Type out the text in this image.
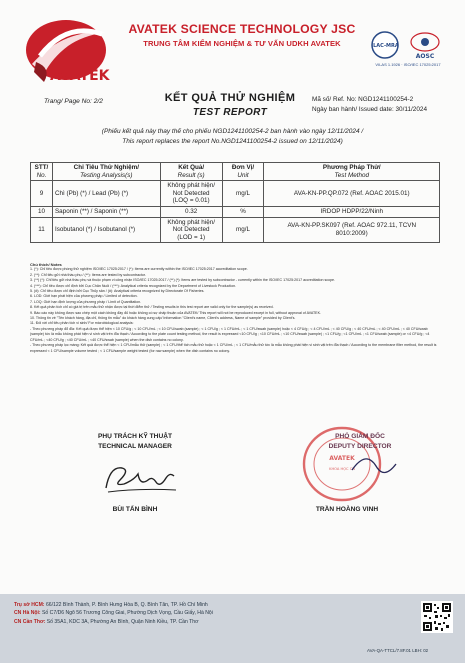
AVATEK
AVATEK SCIENCE TECHNOLOGY JSC
TRUNG TÂM KIỂM NGHIỆM & TƯ VẤN UDKH AVATEK	ILAC-MRA
AOSC
VILAS 1.1926 · ISO/IEC 17025:2017
Trang/ Page No: 2/2	KẾT QUẢ THỬ NGHIỆM
TEST REPORT
Mã số/ Ref. No: NGD1241100254-2
Ngày ban hành/ Issued date: 30/11/2024
(Phiếu kết quả này thay thế cho phiếu NGD1241100254-2 ban hành vào ngày 12/11/2024 /
This report replaces the report No.NGD1241100254-2 issued on 12/11/2024)
STT/
No.	Chỉ Tiêu Thử Nghiệm/
Testing Analysis(s)	Kết Quả/
Result (s)	Đơn Vị/
Unit	Phương Pháp Thử/
Test Method
9	Chì (Pb) (*) / Lead (Pb) (*)	Không phát hiện/
Not Detected
(LOQ = 0.01)	mg/L	AVA-KN-PP.QP.072 (Ref. AOAC 2015.01)
10	Saponin (**) / Saponin (**)	0.32	%	IRDOP HDPP/22/Ninh
11	Isobutanol (*) / Isobutanol (*)	Không phát hiện/
Not Detected
(LOD = 1)	mg/L	AVA-KN-PP.SK097 (Ref. AOAC 972.11, TCVN
8010:2009)
Chú thích/ Notes
1. (*): Chỉ tiêu được phòng thử nghiệm ISO/IEC 17025:2017 / (*): Items are currently within the ISO/IEC 17025:2017 accreditation scope.
2. (**): Chỉ tiêu gửi nhà thầu phụ / (**): Items are tested by subcontractor.
3. (**) (*): Chỉ tiêu gửi nhà thầu phụ và thuộc phạm vi công nhận ISO/IEC 17025:2017 / (**) (*): Items are tested by subcontractor - currently within the ISO/IEC 17025:2017 accreditation scope.
4. (***): Chỉ tiêu được chỉ định bởi Cục Chăn Nuôi / (***): Analytical criteria recognized by the Department of Livestock Production.
5. (#): Chỉ tiêu được chỉ định bởi Cục Thủy sản / (#): Analytical criteria recognized by Directorate Of Fisheries.
6. LOD: Giới hạn phát hiện của phương pháp / Limited of detection.
7. LOQ: Giới hạn định lượng của phương pháp / Limit of Quantitation.
8. Kết quả phân tích chỉ có giá trị trên mẫu thử nhận được tại thời điểm thử / Testing results in this test report are valid only for the sample(s) as received.
9. Báo cáo này không được sao chép một cách không đầy đủ hoặc không có sự chấp thuận của AVATEK/ This report will not be reproduced except in full, without approval of AVATEK.
10. Thông tin về "Tên khách hàng, địa chỉ, thông tin mẫu" do khách hàng cung cấp/ Information "Client's name, Client's address, Name of sample" provided by Client's.
11. Đối với chỉ tiêu phân tích vi sinh/ For microbiological analysis:
- Theo phương pháp đổ đĩa: Kết quả được thể hiện < 10 CFU/g ; < 10 CFU/mL ; < 10 CFU/swab (sample) ; < 1 CFU/g ; < 1 CFU/mL ; < 1 CFU/swab (sample) hoặc < 4 CFU/g ; < 4 CFU/mL ; < 40 CFU/g ; < 40 CFU/mL ; < 40 CFU/mL ; < 40 CFU/swab (sample) tức là mẫu không phát hiện vi sinh vật trên đĩa thạch / According to the plate count testing method, the result is expressed <10 CFU/g ; <10 CFU/mL ; <10 CFU/swab (sample) ; <1 CFU/g ; <1 CFU/mL ; <1 CFU/swab (sample) or <4 CFU/g ; <4 CFU/mL ; <40 CFU/g ; <40 CFU/mL ; <40 CFU/swab (sample) when the dish contains no colony.
- Theo phương pháp lọc màng: Kết quả được thể hiện < 1 CFU/mẫu thử (sample) ; < 1 CFU/thể tích mẫu thử hoặc < 1 CFU/mL ; < 1 CFU/mẫu thử tức là mẫu không phát hiện vi sinh vật trên đĩa thạch / According to the membrane filter method, the result is expressed < 1 CFU/sample volume tested ; < 1 CFU/sample weight tested (for raw sample) when the dish contains no colony.
PHỤ TRÁCH KỸ THUẬT
TECHNICAL MANAGER
BÙI TẤN BÌNH
AVATEK
KHOA HỌC CN
PHÓ GIÁM ĐỐC
DEPUTY DIRECTOR
TRẦN HOÀNG VINH
Trụ sở HCM: 66/122 Bình Thành, P. Bình Hưng Hòa B, Q. Bình Tân, TP. Hồ Chí Minh
CN Hà Nội: Số C7/D6 Ngõ 56 Trương Công Giai, Phường Dịch Vọng, Cầu Giấy, Hà Nội
CN Cần Thơ: Số 35A1, KDC 3A, Phường An Bình, Quận Ninh Kiều, TP. Cần Thơ
AVA-QA-TTCL/7.8F.01 LBH: 02
